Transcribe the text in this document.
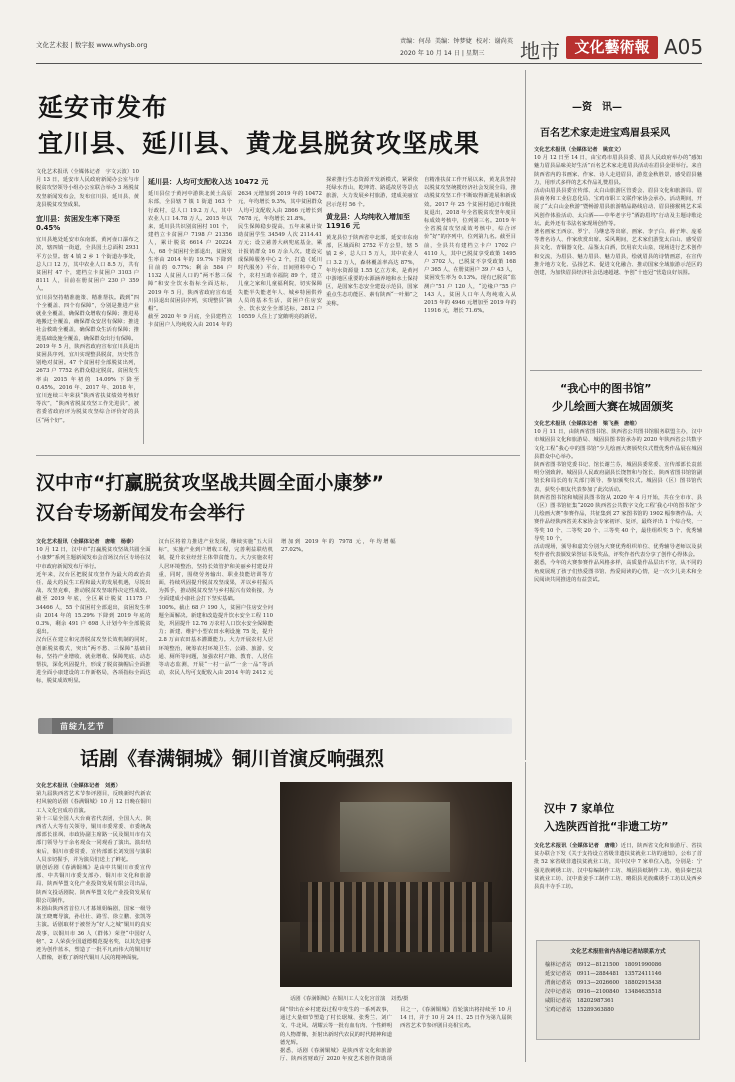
文化艺术报 | 数字报 www.whysb.org	责编：何昂 美编：钟梦婕 校对：谢尚英
2020 年 10 月 14 日 | 星期三 地市 文化藝術報 A05
延安市发布
宜川县、延川县、黄龙县脱贫攻坚成果
文化艺术报讯（全媒体记者　宇文云波）10 月 13 日，延安市人民政府新闻办公室与市脱贫攻坚领导小组办公室联合举办 3 场脱贫攻坚新闻发布会，发布宜川县、延川县、黄龙县脱贫攻坚成果。
宜川县：贫困发生率下降至 0.45%
宜川县地处延安市东南部，黄河壶口瀑布之滨，辖四镇一街道，全县国土总面积 2931 平方公里。辖 4 镇 2 乡 1 个街道办事处，总人口 12 万，其中农业人口 8.5 万，共有贫困村 47 个，建档立卡贫困户 3103 户 8111 人，目前在册贫困户 230 户 359 人。
宜川县坚持精准施策、精准帮扶。践到“四个全覆盖、四个有保障”，分别是推进产业就业全覆盖，确保群众增收有保障；推进易地搬迁全覆盖，确保群众安居有保障；推进社会救助全覆盖，确保群众生活有保障；推进基础设施全覆盖，确保群众出行有保障。
2019 年 5 月，陕西省政府宣布宜川县退出贫困县序列，宜川实现整县脱贫，历史性告别绝对贫困。47 个贫困村全部脱贫出列，2673 户 7752 名群众稳定脱贫。贫困发生率由 2015 年初的 14.09% 下降至 0.45%。2016 年、2017 年、2018 年，宜川连续三年荣获“陕西省扶贫绩效考核好等次”，“陕西省脱贫攻坚工作先进县”，被省委省政府评为脱贫攻坚综合评价好的县区“两个好”。
延川县：人均可支配收入达 10472 元
延川县位于黄河中游陕北黄土高原东部，全县辖 7 镇 1 街道 163 个行政村，总人口 19.2 万人，其中农业人口 14.78 万人。2015 年以来，延川县共识别贫困村 101 个，建档立卡贫困户 7198 户 21356 人，累计脱贫 6614 户 20224 人，68 个贫困村全部退出，贫困发生率由 2014 年的 19.7% 下降到目前的 0.77%；剩余 584 户 1132 人贫困人口的“两不愁三保障”和安全饮水指标全面达标，2019 年 5 月，陕西省政府宣布延川县退出贫困县序列，实现整县“摘帽”。
截至 2020 年 9 月底，全县建档立卡贫困户人均纯收入由 2014 年的 2634 元增加到 2019 年的 10472 元，年均增长 9.3%，其中贫困群众人均可支配收入由 2866 元增长到 7678 元，年均增长 21.8%。
民生保障稳步提高，五年来累计资助贫困学生 34549 人次 2114.41 万元；设立慈善大病兜底基金，累计报销群众 16 万余人次。建设完成保障服务中心 2 个，打造《延川时代服务》平台，日间照料中心 7 个，农村互助幸福院 89 个，建立儿童之家和儿童福利院，切实保障失能半失能老年人、城乡特困供养人员的基本生活，贫困户住房安全、饮水安全全部达标，2812 户 10559 人住上了宽敞明亮的新居。
探索推行生态资源开发新模式，紧紧依托绿水青山，乾坤湾、路遥故居等景点旅游，大力发展乡村旅游，建成美丽宜居示范村 56 个。
黄龙县：人均纯收入增加至 11916 元
黄龙县位于陕西省中北部，延安市东南部，区域面积 2752 平方公里，辖 5 镇 2 乡，总人口 5 万人，其中农业人口 3.2 万人，森林覆盖率高达 87%，年均水资源量 1.55 亿立方米，是黄河中游地区重要的水源涵养地和水土保持区，是国家生态安全建设示范县，国家重点生态功能区、素有陕西“一叶肺”之美称。
自精准扶贫工作开展以来，黄龙县坚持以脱贫攻坚统揽经济社会发展全局，推动脱贫攻坚工作不断取得新进展和新成效。2017 年 25 个贫困村通过市级批复退出，2018 年全省脱贫攻坚年度目标成效考核中，位列第三名。2019 年全省脱贫攻坚成效考核中，综合评价“好”的序列中，位列第九名。截至目前，全县共有建档立卡户 1702 户 4110 人，其中已脱贫享受政策 1495 户 3702 人，已脱贫不享受政策 168 户 365 人，在册贫困户 39 户 43 人，贫困发生率为 0.13%。现有已脱贫“监测户”51 户 120 人，“边缘户”55 户 143 人。贫困人口年人均纯收入从 2015 年的 4946 元增加至 2019 年的 11916 元，增长 71.6%。
—资　讯—
百名艺术家走进宝鸡眉县采风
文化艺术报讯（全媒体记者　姚宜文）
10 月 12 日至 14 日，由宝鸡市眉县县委、眉县人民政府举办的“感知魅力眉县品味美好生活”百名艺术家走进眉县活动在眉县金渠举行。来自陕西省内的书画家、作家、诗人走进眉县，游览金秋胜景，感受眉县魅力，用形式多样的艺术作品礼赞眉县。
活动由眉县县委宣传部、太白山旅游区管委会、眉县文化和旅游局、眉县商务和工业信息化局、宝鸡市职工文联作家协会承办。活动期间，开展了“太白山金秋游”暨畅游眉县旅游精品路线启动、眉县猕猴桃艺术采风创作体验活动、太白酒——中华老字号“酒韵眉坞”行动及主题诗歌论坛。此外还有书法名家现场创作等。
著名画家王西京、罗宁、马继忠等出席，画家、李子白、薛子坤、庞希等著名诗人、作家欣赏出席。采风期间，艺术家们游览太白山、感受眉县文化、青铜器文化、品鉴太白酒，饮用农夫山泉，现场进行艺术创作和交流，为眉县、魅力眉县、魅力眉县，绘就眉县的诗情画意，在宣传推介地方文化、弘扬艺术、促进文化融合、推动国家全域旅游示范区的创建，为加快眉县经济社会迅速超越、争创“十连冠”营造良好氛围。
“我心中的图书馆”
少儿绘画大赛在城固颁奖
文化艺术报讯（全媒体记者　梁飞燕　唐维）
10 月 11 日，由陕西省图书馆、陕西省公共图书馆服务联盟主办，汉中市城固县文化和旅游局、城固县图书馆承办的 2020 年陕西省公共数字文化工程“我心中的图书馆”少儿绘画大赛颁奖仪式暨优秀作品展在城固县群众中心举办。
陕西省图书馆党委书记、馆长谢兰芬，城固县委常委、宣传部部长袁蓝明分别致辞。城固县人民政府副县长饶智和与馆长、陕西省图书馆馆副馆长和局长的有关部门领导、参加颁奖仪式。城固县（区）图书馆代表，获奖小朋友代表参加了此次活动。
陕西省图书馆和城固县图书馆从 2020 年 4 月开始，共在全市市、县（区）图书馆征集“2020 陕西省公共数字文化工程‘我心中的图书馆’少儿绘画大赛”参赛作品，共征集到 27 家图书馆的 1902 幅参赛作品。大赛作品经陕西省美术家协会专家初评、复评，最终评出 1 个综合奖、一等奖 10 个、二等奖 20 个、三等奖 40 个，最佳组织奖 5 个、优秀辅导奖 10 个。
活动现场，颁导和嘉宾分别为大赛优秀组织单位、优秀辅导老师以及获奖作者代表颁发荣誉证书及奖品，评奖作者代表分享了创作心得体会。
据悉，今年的大赛参赛作品风格多样，高质量作品层出不穷，从不同的角度展现了孩子们热爱图书馆、热爱阅读的心情，是一次少儿美术和全民阅读共同推进的有益尝试。
汉中市“打赢脱贫攻坚战共圆全面小康梦”
汉台专场新闻发布会举行
文化艺术报讯（全媒体记者　唐维　杨泰）
10 月 12 日，汉中市“打赢脱贫攻坚战共圆全面小康梦”系列主题新闻发布会首场汉台区专场在汉中市政府新闻发布厅举行。
近年来，汉台区把脱贫攻坚作为最大的政治责任、最大的民生工程和最大的发展机遇，尽锐出战、攻坚克难，推动脱贫攻坚取得决定性成效。截至 2019 年底，全区累计脱贫 11175 户 34466 人，55 个贫困村全部退出，贫困发生率由 2014 年的 15.29% 下降到 2019 年底的 0.3%，剩余 491 户 698 人计划今年全部脱贫退出。
汉台区在建立和完善脱贫攻坚长效机制的同时，创新脱贫模式，突出“两不愁、三保障”基础目标，坚持产业增收、就业增收、保障兜底、动态帮扶，深化巩固提升，形成了脱贫摘帽后全面推进全面小康建设的工作新格局，各项指标全面达标，脱贫成效明显。
汉台区将着力推进产业发展，继续实施“五大目标”，实施产业到户增收工程，完善利益联结机制，提升农业经营主体带贫能力。大力实施农村人居环境整治，坚持长效管护和美丽乡村建设并重，同时，围绕劳务输出、职业技能培训等方面，持续巩固提升脱贫攻坚成果，并以乡村振兴为抓手，推动脱贫攻坚与乡村振兴有效衔接，为全面建成小康社会打下坚实基础。
100%。截止 68 户 190 人，贫困户住房安全问题全面解决。新建和改造提升饮水安全工程 110 处，巩固提升 12.76 万农村人口饮水安全保障能力；新建、维护小型农田水利设施 75 处，提升 2.8 万亩农田基本灌溉能力。大力开展农村人居环境整治，统筹农村环境卫生、公路、旅游、交通、厕所等问题，加强农村户籍、教育、人居住等动态监测，开展“一村一品”“一企一品”等活动，农民人均可支配收入由 2014 年的 2412 元增加到 2019 年的 7978 元，年均增幅 27.02%。
苗绽九艺节
话剧《春满铜城》铜川首演反响强烈
文化艺术报讯（全媒体记者　刘勇）
第九届陕西省艺术节参评剧目，反映新时代新农村风貌的话剧《春满铜城》10 月 12 日晚在铜川工人文化宫成功首演。
第十三届全国人大台商省代表团，全国人大、陕西省人大等有关领导，铜川市委常委、市委统战部部长崔飒、市政协副主席路一民及铜川市有关部门领导与干余名观众一同观看了演出。演出结束后，铜川市委常委、宣传部部长刘发国与演职人员亲切握手，并为演员们送上了鲜花。
剧创话剧《春满铜城》是由中共铜川市委宣传部、中共铜川市委支部办、铜川市文化和旅游局、陕西华盟文化产业投资发展有限公司出品，陕西文投话剧院、陕西华盟文化产业投资发展有限公司制作。
本剧由陕西省首位八才募姐姐编剧，国家一级导演王晓鹰导演，孙壮壮、路雪、徐立鹏、张凯等主演。话剧取材于被誉为“好人之城”铜川的真实故事，以铜川市 36 人（群体）荣登“中国好人榜”、2 人荣获全国道德模范提名奖，以其先进事迹为创作蓝本，塑造了一批平凡而伟大的铜川好人群像，讴歌了新时代铜川人民的精神面貌。
话剧《春满铜城》在铜川工人文化宫首演　刘勇/摄
阔”带出在乡村建设过程中发生的一系列故事，通过大量细节塑造了村长琚城、张秀兰、刘广文、牛北风、胡耀云等一批有血有肉、个性鲜明的人物群像，折射出新时代农民的时代精神和道德光辉。
据悉，话剧《春满铜城》是陕西省文化和旅游厅、陕西省财政厅 2020 年度艺术创作资助项目之一，《春满铜城》首轮演出将持续至 10 月 14 日，并于 10 月 24 日、25 日作为第九届陕西省艺术节参评剧目亮相宝鸡。
汉中 7 家单位
入选陕西首批“非遗工坊”
文化艺术报讯（全媒体记者　唐维）近日，陕西省文化和旅游厅、省扶贫办联合下发《关于支持设立省级非遗扶贫就业工坊的通知》，公布了首批 52 家省级非遗扶贫就业工坊，其中汉中 7 家单位入选，分别是：宁强羌族刺绣工坊、汉中棕编制作工坊、城固县纸制作工坊、勉县秦巴扶贫就业工坊、汉中蓝姜手工制作工坊、略阳县羌族藏绣手工坊以及西乡县真丰寺手工坊。
文化艺术报驻省内各地记者站联系方式
榆林记者站　 0912—8121500　18091990086
延安记者站　 0911—2884481　13572411146
渭南记者站　 0913—2026600　18802915438
汉中记者站　 0916—2100840　13484635518
咸阳记者站　 18202987361
宝鸡记者站　 15289363880
